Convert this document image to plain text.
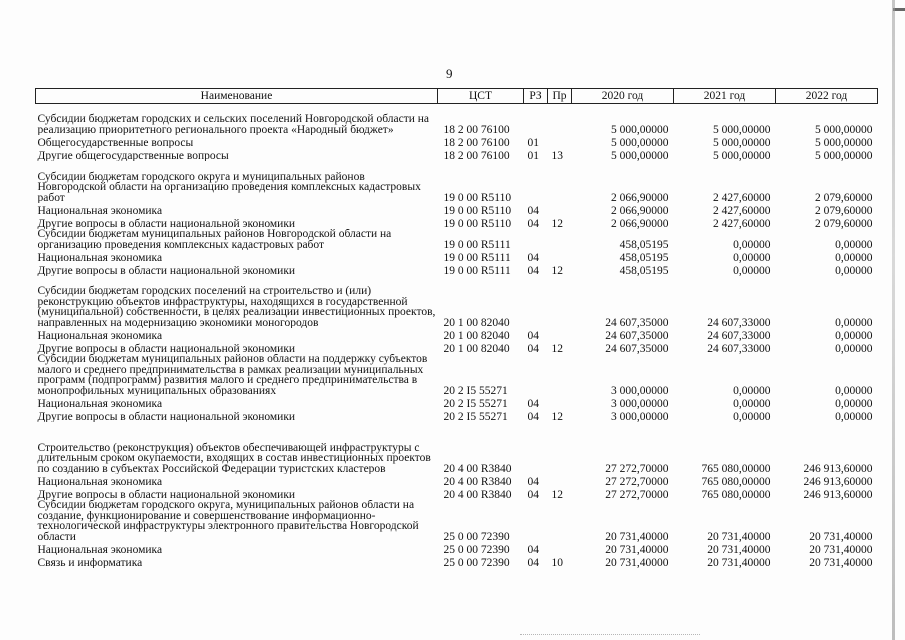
9
Наименование	ЦСТ	РЗ	Пр	2020 год	2021 год	2022 год
Субсидии бюджетам городских и сельских поселений Новгородской области на реализацию приоритетного регионального проекта «Народный бюджет»	18 2 00 76100			5 000,00000	5 000,00000	5 000,00000
Общегосударственные вопросы	18 2 00 76100	01		5 000,00000	5 000,00000	5 000,00000
Другие общегосударственные вопросы	18 2 00 76100	01	13	5 000,00000	5 000,00000	5 000,00000
Субсидии бюджетам городского округа и муниципальных районов Новгородской области на организацию проведения комплексных кадастровых работ	19 0 00 R5110			2 066,90000	2 427,60000	2 079,60000
Национальная экономика	19 0 00 R5110	04		2 066,90000	2 427,60000	2 079,60000
Другие вопросы в области национальной экономики	19 0 00 R5110	04	12	2 066,90000	2 427,60000	2 079,60000
Субсидии бюджетам муниципальных районов Новгородской области на организацию проведения комплексных кадастровых работ	19 0 00 R5111			458,05195	0,00000	0,00000
Национальная экономика	19 0 00 R5111	04		458,05195	0,00000	0,00000
Другие вопросы в области национальной экономики	19 0 00 R5111	04	12	458,05195	0,00000	0,00000
Субсидии бюджетам городских поселений на строительство и (или) реконструкцию объектов инфраструктуры, находящихся в государственной (муниципальной) собственности, в целях реализации инвестиционных проектов, направленных на модернизацию экономики моногородов	20 1 00 82040			24 607,35000	24 607,33000	0,00000
Национальная экономика	20 1 00 82040	04		24 607,35000	24 607,33000	0,00000
Другие вопросы в области национальной экономики	20 1 00 82040	04	12	24 607,35000	24 607,33000	0,00000
Субсидии бюджетам муниципальных районов области на поддержку субъектов малого и среднего предпринимательства в рамках реализации муниципальных программ (подпрограмм) развития малого и среднего предпринимательства в монопрофильных муниципальных образованиях	20 2 I5 55271			3 000,00000	0,00000	0,00000
Национальная экономика	20 2 I5 55271	04		3 000,00000	0,00000	0,00000
Другие вопросы в области национальной экономики	20 2 I5 55271	04	12	3 000,00000	0,00000	0,00000
Строительство (реконструкция) объектов обеспечивающей инфраструктуры с длительным сроком окупаемости, входящих в состав инвестиционных проектов по созданию в субъектах Российской Федерации туристских кластеров	20 4 00 R3840			27 272,70000	765 080,00000	246 913,60000
Национальная экономика	20 4 00 R3840	04		27 272,70000	765 080,00000	246 913,60000
Другие вопросы в области национальной экономики	20 4 00 R3840	04	12	27 272,70000	765 080,00000	246 913,60000
Субсидии бюджетам городского округа, муниципальных районов области на создание, функционирование и совершенствование информационно-технологической инфраструктуры электронного правительства Новгородской области	25 0 00 72390			20 731,40000	20 731,40000	20 731,40000
Национальная экономика	25 0 00 72390	04		20 731,40000	20 731,40000	20 731,40000
Связь и информатика	25 0 00 72390	04	10	20 731,40000	20 731,40000	20 731,40000
